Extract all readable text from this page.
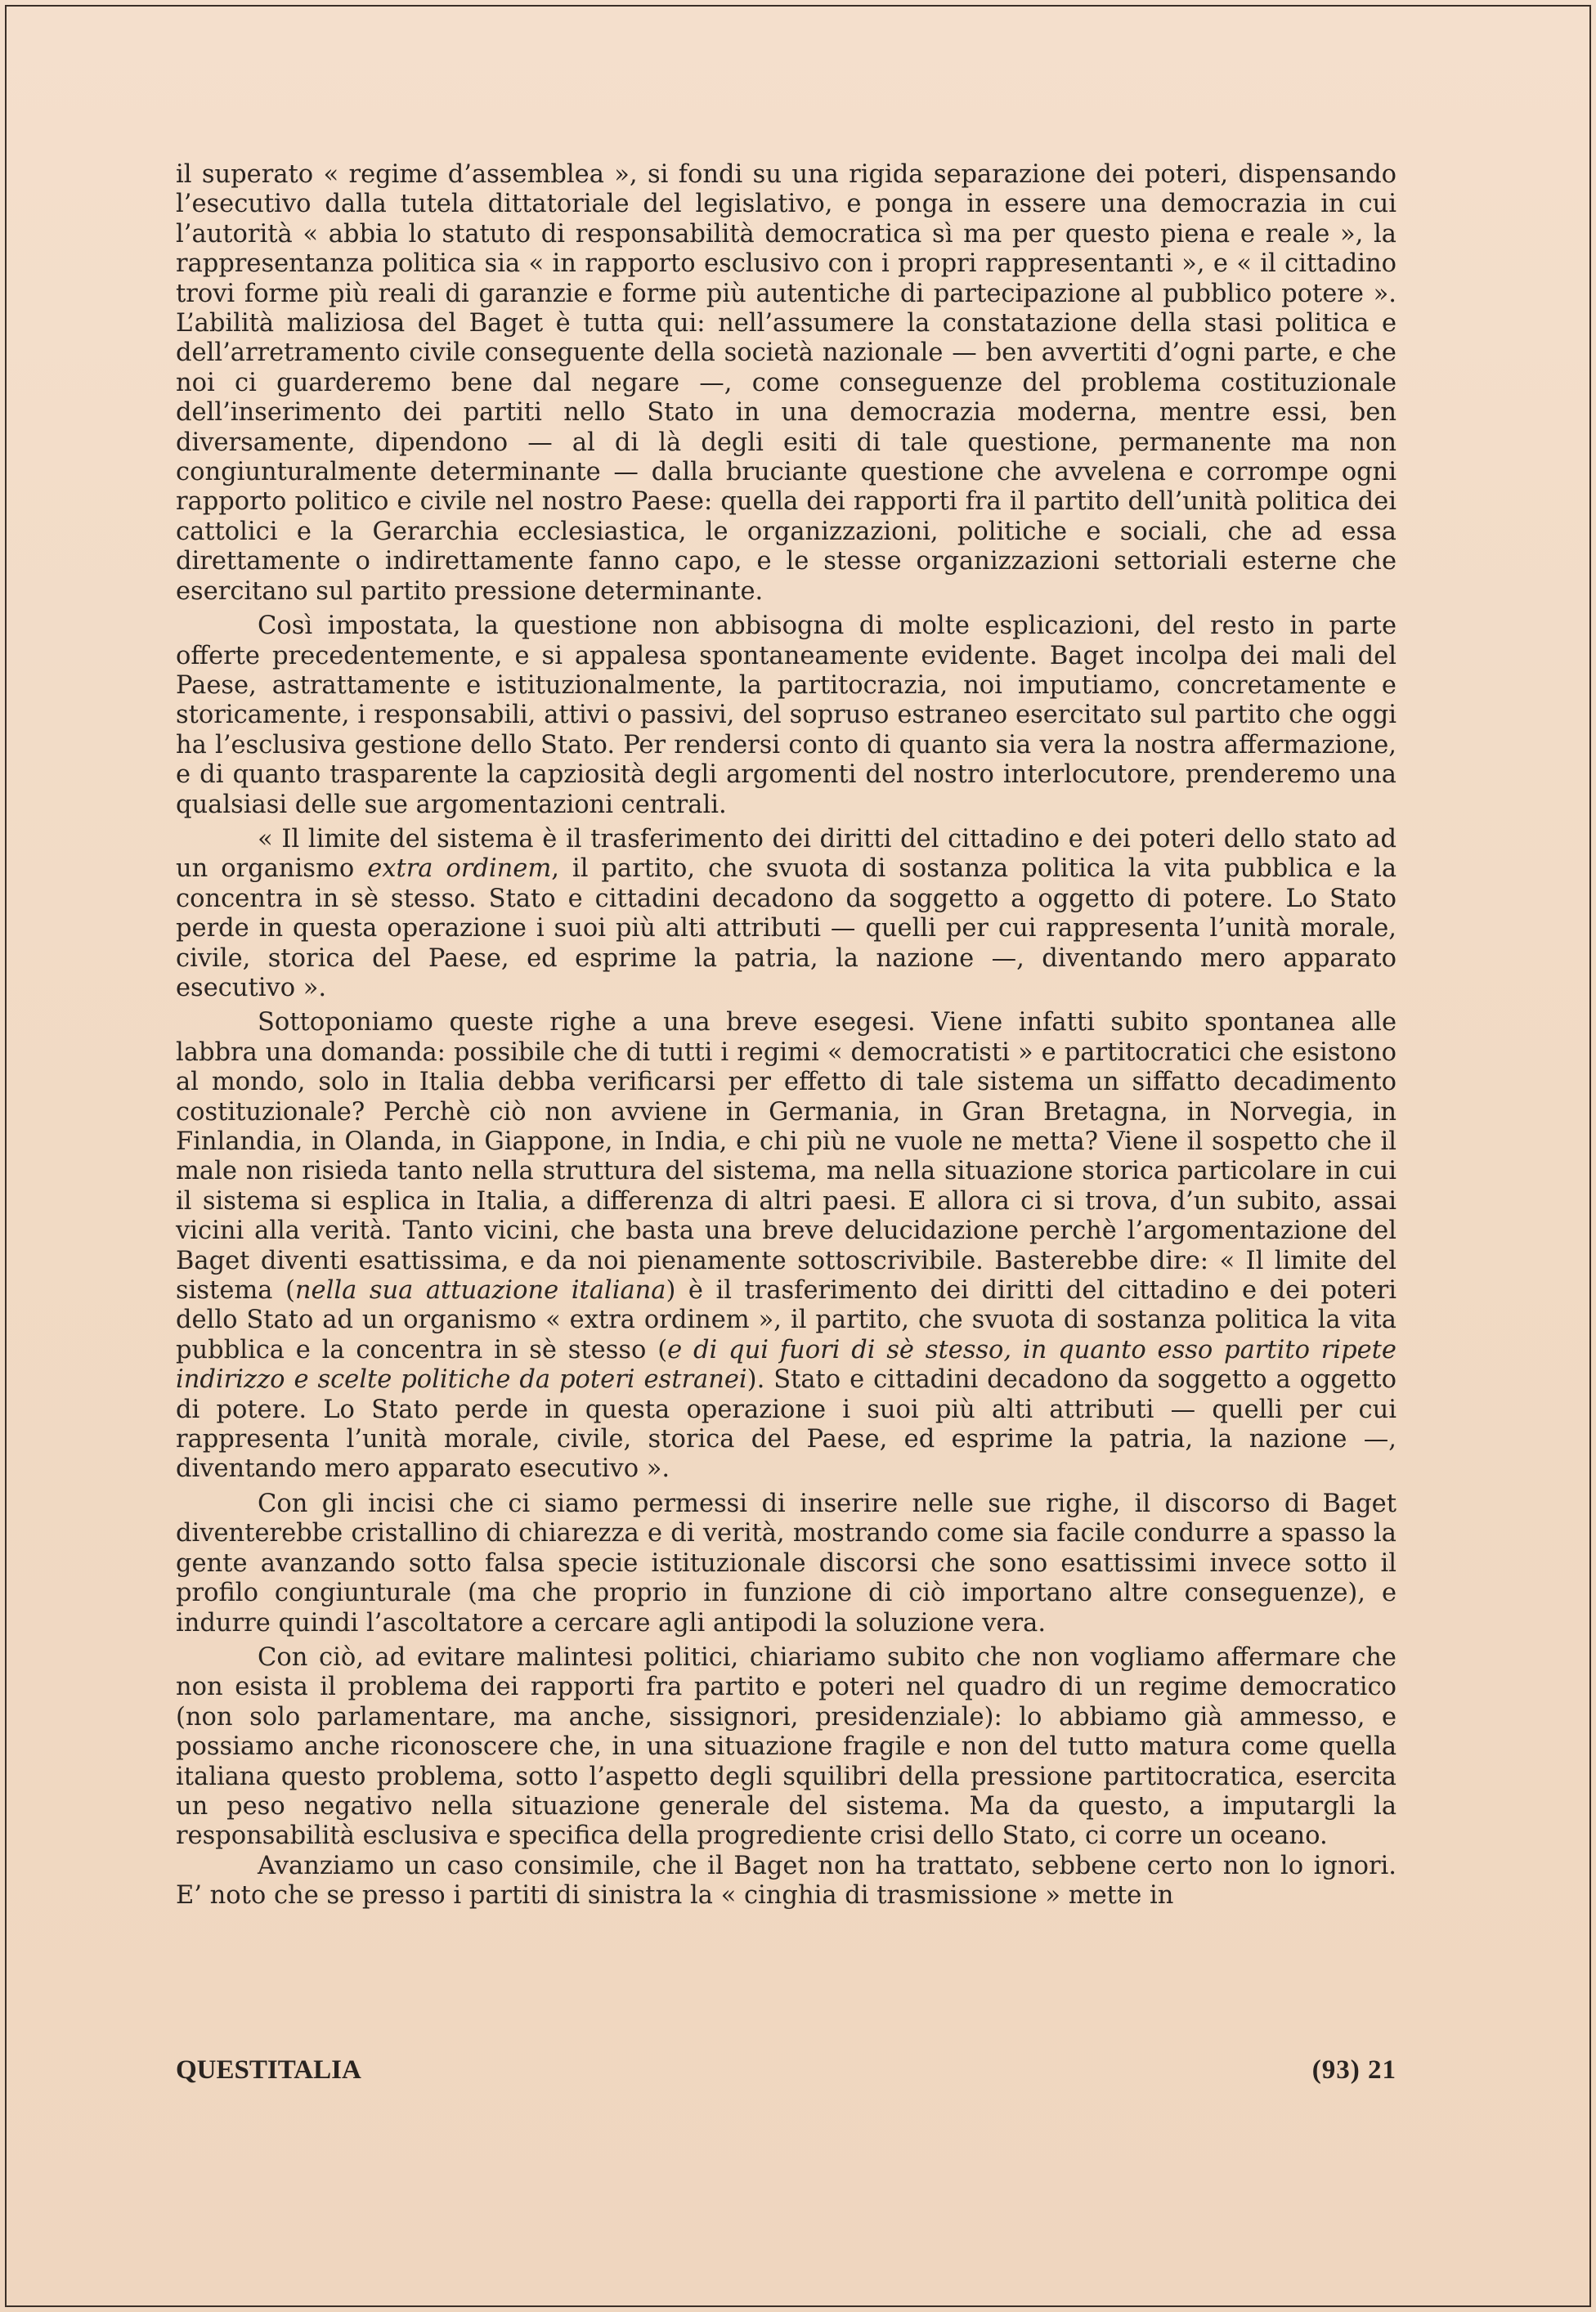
il superato « regime d’assemblea », si fondi su una rigida separazione dei poteri, dispensando l’esecutivo dalla tutela dittatoriale del legislativo, e ponga in essere una democrazia in cui l’autorità « abbia lo statuto di responsabilità democratica sì ma per questo piena e reale », la rappresentanza politica sia « in rapporto esclusivo con i propri rappresentanti », e « il cittadino trovi forme più reali di garanzie e forme più autentiche di partecipazione al pubblico potere ». L’abilità maliziosa del Baget è tutta qui: nell’assumere la constatazione della stasi politica e dell’arretramento civile conseguente della società nazionale — ben avvertiti d’ogni parte, e che noi ci guarderemo bene dal negare —, come conseguenze del problema costituzionale dell’inserimento dei partiti nello Stato in una democrazia moderna, mentre essi, ben diversamente, dipendono — al di là degli esiti di tale questione, permanente ma non congiunturalmente determinante — dalla bruciante questione che avvelena e corrompe ogni rapporto politico e civile nel nostro Paese: quella dei rapporti fra il partito dell’unità politica dei cattolici e la Gerarchia ecclesiastica, le organizzazioni, politiche e sociali, che ad essa direttamente o indirettamente fanno capo, e le stesse organizzazioni settoriali esterne che esercitano sul partito pressione determinante.

Così impostata, la questione non abbisogna di molte esplicazioni, del resto in parte offerte precedentemente, e si appalesa spontaneamente evidente. Baget incolpa dei mali del Paese, astrattamente e istituzionalmente, la partitocrazia, noi imputiamo, concretamente e storicamente, i responsabili, attivi o passivi, del sopruso estraneo esercitato sul partito che oggi ha l’esclusiva gestione dello Stato. Per rendersi conto di quanto sia vera la nostra affermazione, e di quanto trasparente la capziosità degli argomenti del nostro interlocutore, prenderemo una qualsiasi delle sue argomentazioni centrali.

« Il limite del sistema è il trasferimento dei diritti del cittadino e dei poteri dello stato ad un organismo extra ordinem, il partito, che svuota di sostanza politica la vita pubblica e la concentra in sè stesso. Stato e cittadini decadono da soggetto a oggetto di potere. Lo Stato perde in questa operazione i suoi più alti attributi — quelli per cui rappresenta l’unità morale, civile, storica del Paese, ed esprime la patria, la nazione —, diventando mero apparato esecutivo ».

Sottoponiamo queste righe a una breve esegesi. Viene infatti subito spontanea alle labbra una domanda: possibile che di tutti i regimi « democratisti » e partitocratici che esistono al mondo, solo in Italia debba verificarsi per effetto di tale sistema un siffatto decadimento costituzionale? Perchè ciò non avviene in Germania, in Gran Bretagna, in Norvegia, in Finlandia, in Olanda, in Giappone, in India, e chi più ne vuole ne metta? Viene il sospetto che il male non risieda tanto nella struttura del sistema, ma nella situazione storica particolare in cui il sistema si esplica in Italia, a differenza di altri paesi. E allora ci si trova, d’un subito, assai vicini alla verità. Tanto vicini, che basta una breve delucidazione perchè l’argomentazione del Baget diventi esattissima, e da noi pienamente sottoscrivibile. Basterebbe dire: « Il limite del sistema (nella sua attuazione italiana) è il trasferimento dei diritti del cittadino e dei poteri dello Stato ad un organismo « extra ordinem », il partito, che svuota di sostanza politica la vita pubblica e la concentra in sè stesso (e di qui fuori di sè stesso, in quanto esso partito ripete indirizzo e scelte politiche da poteri estranei). Stato e cittadini decadono da soggetto a oggetto di potere. Lo Stato perde in questa operazione i suoi più alti attributi — quelli per cui rappresenta l’unità morale, civile, storica del Paese, ed esprime la patria, la nazione —, diventando mero apparato esecutivo ».

Con gli incisi che ci siamo permessi di inserire nelle sue righe, il discorso di Baget diventerebbe cristallino di chiarezza e di verità, mostrando come sia facile condurre a spasso la gente avanzando sotto falsa specie istituzionale discorsi che sono esattissimi invece sotto il profilo congiunturale (ma che proprio in funzione di ciò importano altre conseguenze), e indurre quindi l’ascoltatore a cercare agli antipodi la soluzione vera.

Con ciò, ad evitare malintesi politici, chiariamo subito che non vogliamo affermare che non esista il problema dei rapporti fra partito e poteri nel quadro di un regime democratico (non solo parlamentare, ma anche, sissignori, presidenziale): lo abbiamo già ammesso, e possiamo anche riconoscere che, in una situazione fragile e non del tutto matura come quella italiana questo problema, sotto l’aspetto degli squilibri della pressione partitocratica, esercita un peso negativo nella situazione generale del sistema. Ma da questo, a imputargli la responsabilità esclusiva e specifica della progrediente crisi dello Stato, ci corre un oceano.

Avanziamo un caso consimile, che il Baget non ha trattato, sebbene certo non lo ignori. E’ noto che se presso i partiti di sinistra la « cinghia di trasmissione » mette in

QUESTITALIA	(93) 21
